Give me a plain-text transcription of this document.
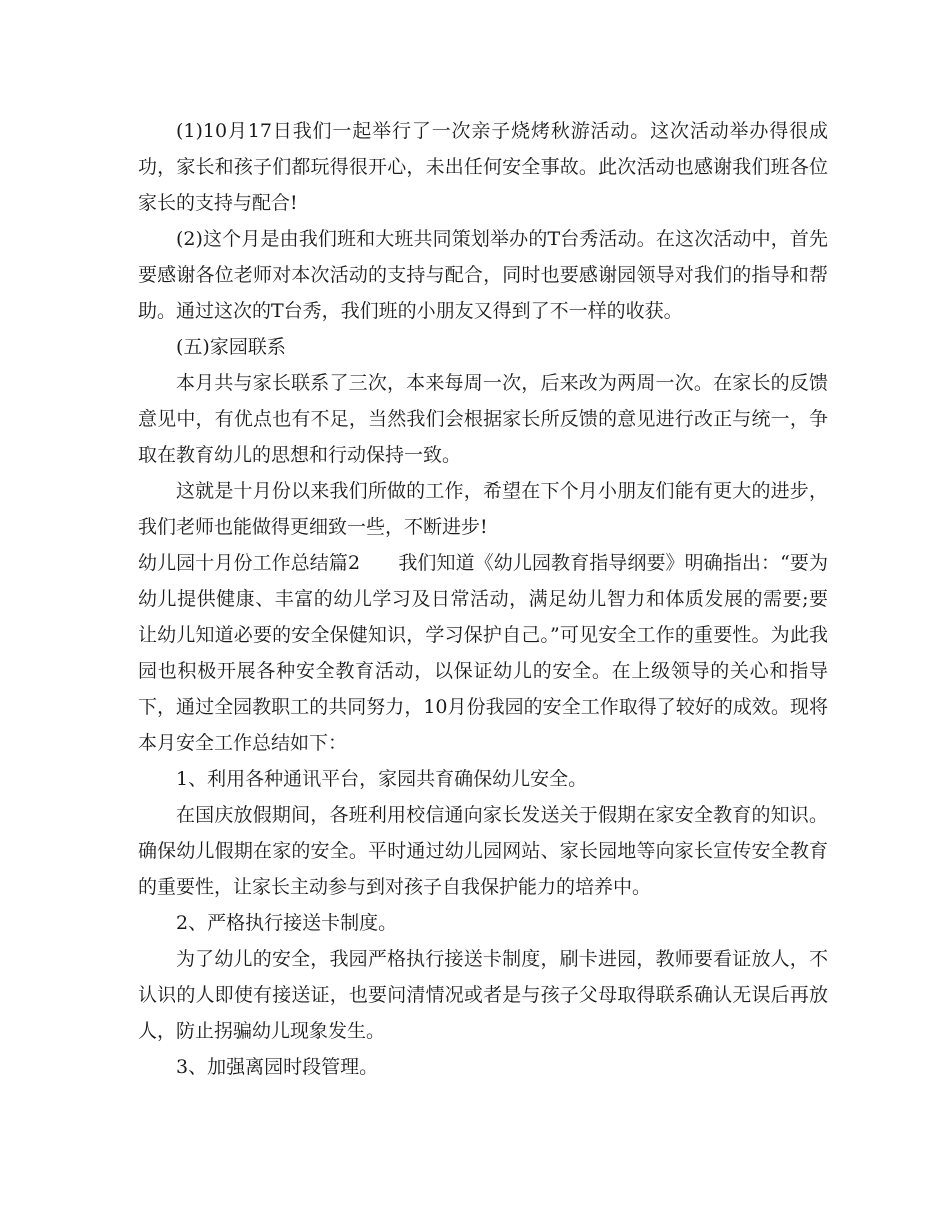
(1)10月17日我们一起举行了一次亲子烧烤秋游活动。这次活动举办得很成功，家长和孩子们都玩得很开心，未出任何安全事故。此次活动也感谢我们班各位家长的支持与配合!

(2)这个月是由我们班和大班共同策划举办的T台秀活动。在这次活动中，首先要感谢各位老师对本次活动的支持与配合，同时也要感谢园领导对我们的指导和帮助。通过这次的T台秀，我们班的小朋友又得到了不一样的收获。

(五)家园联系

本月共与家长联系了三次，本来每周一次，后来改为两周一次。在家长的反馈意见中，有优点也有不足，当然我们会根据家长所反馈的意见进行改正与统一，争取在教育幼儿的思想和行动保持一致。

这就是十月份以来我们所做的工作，希望在下个月小朋友们能有更大的进步，我们老师也能做得更细致一些，不断进步!

幼儿园十月份工作总结篇2　　 我们知道《幼儿园教育指导纲要》明确指出：“要为幼儿提供健康、丰富的幼儿学习及日常活动，满足幼儿智力和体质发展的需要;要让幼儿知道必要的安全保健知识，学习保护自己。”可见安全工作的重要性。为此我园也积极开展各种安全教育活动，以保证幼儿的安全。在上级领导的关心和指导下，通过全园教职工的共同努力，10月份我园的安全工作取得了较好的成效。现将本月安全工作总结如下：

1、利用各种通讯平台，家园共育确保幼儿安全。

在国庆放假期间，各班利用校信通向家长发送关于假期在家安全教育的知识。确保幼儿假期在家的安全。平时通过幼儿园网站、家长园地等向家长宣传安全教育的重要性，让家长主动参与到对孩子自我保护能力的培养中。

2、严格执行接送卡制度。

为了幼儿的安全，我园严格执行接送卡制度，刷卡进园，教师要看证放人，不认识的人即使有接送证，也要问清情况或者是与孩子父母取得联系确认无误后再放人，防止拐骗幼儿现象发生。

3、加强离园时段管理。
